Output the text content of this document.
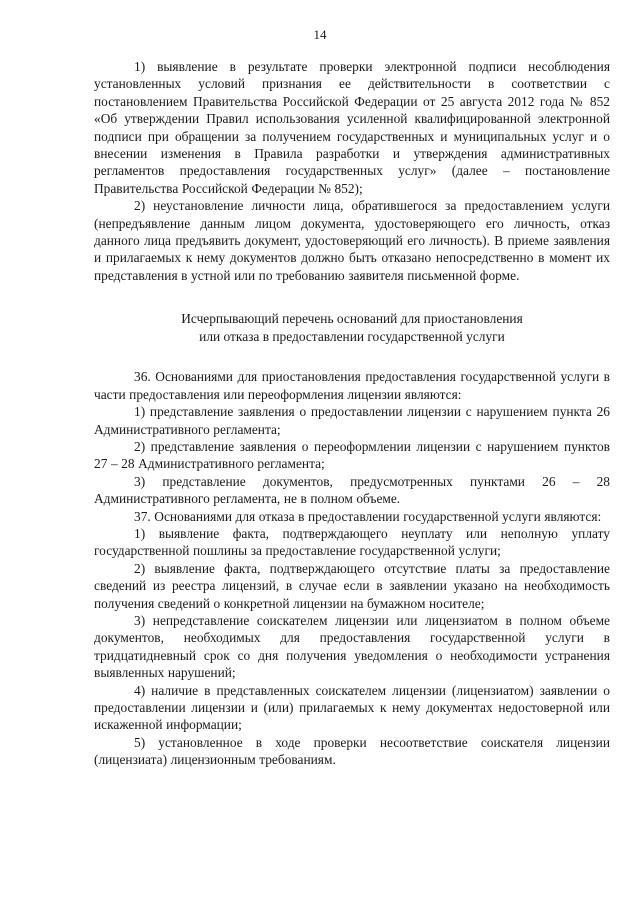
14

1) выявление в результате проверки электронной подписи несоблюдения установленных условий признания ее действительности в соответствии с постановлением Правительства Российской Федерации от 25 августа 2012 года № 852 «Об утверждении Правил использования усиленной квалифицированной электронной подписи при обращении за получением государственных и муниципальных услуг и о внесении изменения в Правила разработки и утверждения административных регламентов предоставления государственных услуг» (далее – постановление Правительства Российской Федерации № 852);

2) неустановление личности лица, обратившегося за предоставлением услуги (непредъявление данным лицом документа, удостоверяющего его личность, отказ данного лица предъявить документ, удостоверяющий его личность). В приеме заявления и прилагаемых к нему документов должно быть отказано непосредственно в момент их представления в устной или по требованию заявителя письменной форме.

Исчерпывающий перечень оснований для приостановления
или отказа в предоставлении государственной услуги

36. Основаниями для приостановления предоставления государственной услуги в части предоставления или переоформления лицензии являются:

1) представление заявления о предоставлении лицензии с нарушением пункта 26 Административного регламента;

2) представление заявления о переоформлении лицензии с нарушением пунктов 27 – 28 Административного регламента;

3) представление документов, предусмотренных пунктами 26 – 28 Административного регламента, не в полном объеме.

37. Основаниями для отказа в предоставлении государственной услуги являются:

1) выявление факта, подтверждающего неуплату или неполную уплату государственной пошлины за предоставление государственной услуги;

2) выявление факта, подтверждающего отсутствие платы за предоставление сведений из реестра лицензий, в случае если в заявлении указано на необходимость получения сведений о конкретной лицензии на бумажном носителе;

3) непредставление соискателем лицензии или лицензиатом в полном объеме документов, необходимых для предоставления государственной услуги в тридцатидневный срок со дня получения уведомления о необходимости устранения выявленных нарушений;

4) наличие в представленных соискателем лицензии (лицензиатом) заявлении о предоставлении лицензии и (или) прилагаемых к нему документах недостоверной или искаженной информации;

5) установленное в ходе проверки несоответствие соискателя лицензии (лицензиата) лицензионным требованиям.
